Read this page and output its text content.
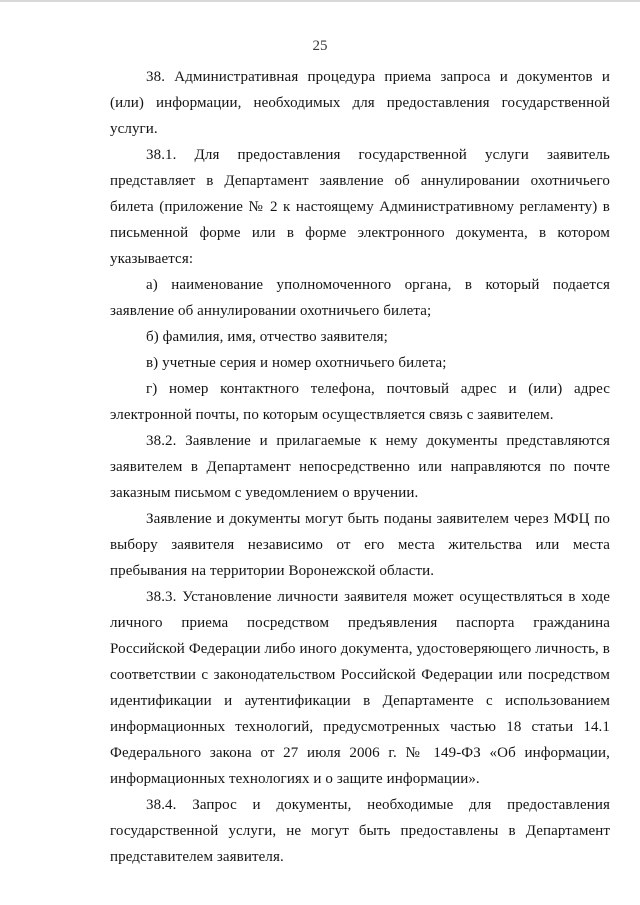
25

38. Административная процедура приема запроса и документов и (или) информации, необходимых для предоставления государственной услуги.

38.1. Для предоставления государственной услуги заявитель представляет в Департамент заявление об аннулировании охотничьего билета (приложение № 2 к настоящему Административному регламенту) в письменной форме или в форме электронного документа, в котором указывается:

а) наименование уполномоченного органа, в который подается заявление об аннулировании охотничьего билета;

б) фамилия, имя, отчество заявителя;

в) учетные серия и номер охотничьего билета;

г) номер контактного телефона, почтовый адрес и (или) адрес электронной почты, по которым осуществляется связь с заявителем.

38.2. Заявление и прилагаемые к нему документы представляются заявителем в Департамент непосредственно или направляются по почте заказным письмом с уведомлением о вручении.

Заявление и документы могут быть поданы заявителем через МФЦ по выбору заявителя независимо от его места жительства или места пребывания на территории Воронежской области.

38.3. Установление личности заявителя может осуществляться в ходе личного приема посредством предъявления паспорта гражданина Российской Федерации либо иного документа, удостоверяющего личность, в соответствии с законодательством Российской Федерации или посредством идентификации и аутентификации в Департаменте с использованием информационных технологий, предусмотренных частью 18 статьи 14.1 Федерального закона от 27 июля 2006 г. № 149-ФЗ «Об информации, информационных технологиях и о защите информации».

38.4. Запрос и документы, необходимые для предоставления государственной услуги, не могут быть предоставлены в Департамент представителем заявителя.
